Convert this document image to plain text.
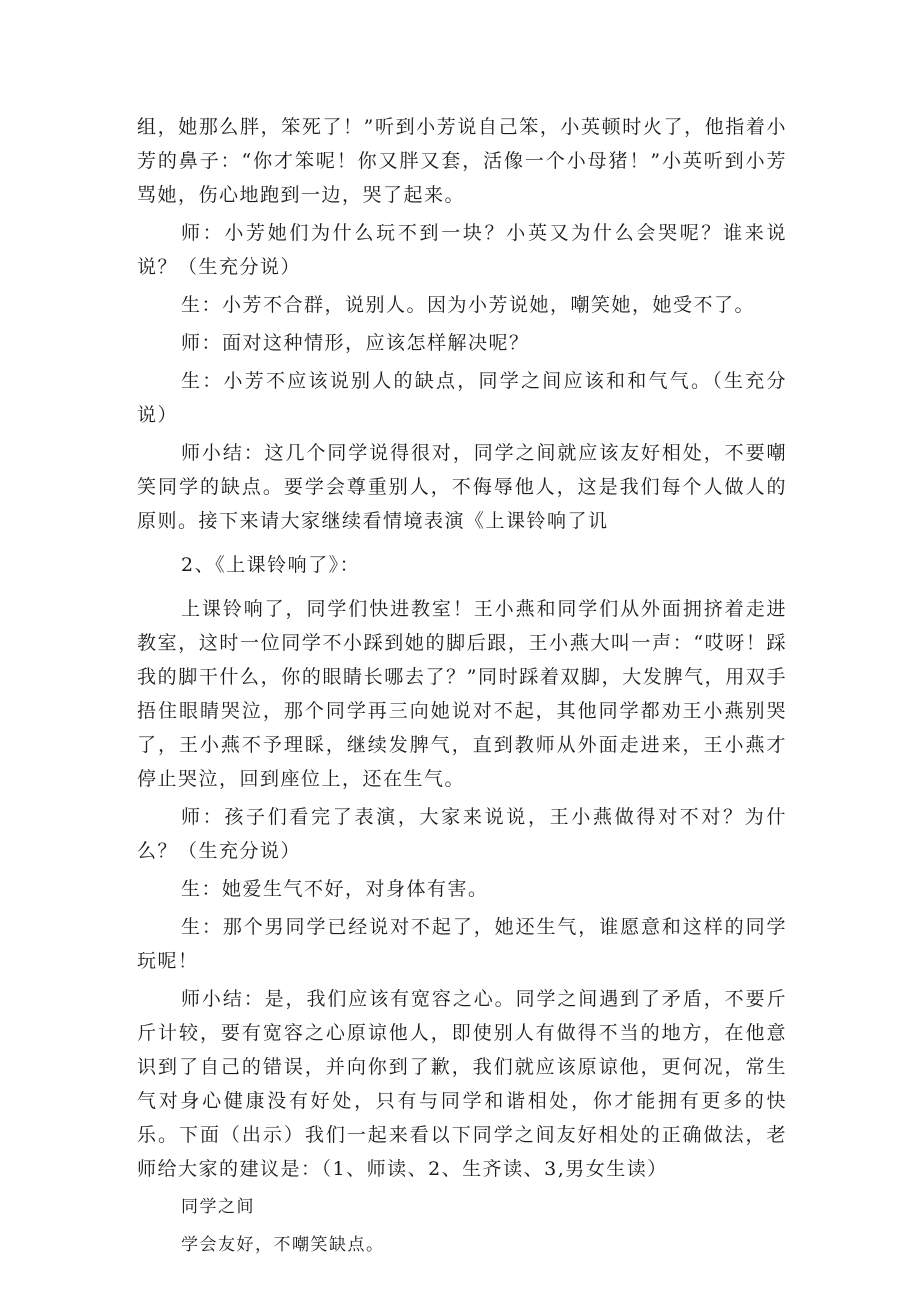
组，她那么胖，笨死了！”听到小芳说自己笨，小英顿时火了，他指着小芳的鼻子：“你才笨呢！你又胖又套，活像一个小母猪！”小英听到小芳骂她，伤心地跑到一边，哭了起来。

师：小芳她们为什么玩不到一块？小英又为什么会哭呢？谁来说说？（生充分说）

生：小芳不合群，说别人。因为小芳说她，嘲笑她，她受不了。

师：面对这种情形，应该怎样解决呢？

生：小芳不应该说别人的缺点，同学之间应该和和气气。（生充分说）

师小结：这几个同学说得很对，同学之间就应该友好相处，不要嘲笑同学的缺点。要学会尊重别人，不侮辱他人，这是我们每个人做人的原则。接下来请大家继续看情境表演《上课铃响了讥

2、《上课铃响了》：

上课铃响了，同学们快进教室！王小燕和同学们从外面拥挤着走进教室，这时一位同学不小踩到她的脚后跟，王小燕大叫一声：“哎呀！踩我的脚干什么，你的眼睛长哪去了？”同时踩着双脚，大发脾气，用双手捂住眼睛哭泣，那个同学再三向她说对不起，其他同学都劝王小燕别哭了，王小燕不予理睬，继续发脾气，直到教师从外面走进来，王小燕才停止哭泣，回到座位上，还在生气。

师：孩子们看完了表演，大家来说说，王小燕做得对不对？为什么？（生充分说）

生：她爱生气不好，对身体有害。

生：那个男同学已经说对不起了，她还生气，谁愿意和这样的同学玩呢！

师小结：是，我们应该有宽容之心。同学之间遇到了矛盾，不要斤斤计较，要有宽容之心原谅他人，即使别人有做得不当的地方，在他意识到了自己的错误，并向你到了歉，我们就应该原谅他，更何况，常生气对身心健康没有好处，只有与同学和谐相处，你才能拥有更多的快乐。下面（出示）我们一起来看以下同学之间友好相处的正确做法，老师给大家的建议是：（1、师读、2、生齐读、3,男女生读）

同学之间

学会友好，不嘲笑缺点。
